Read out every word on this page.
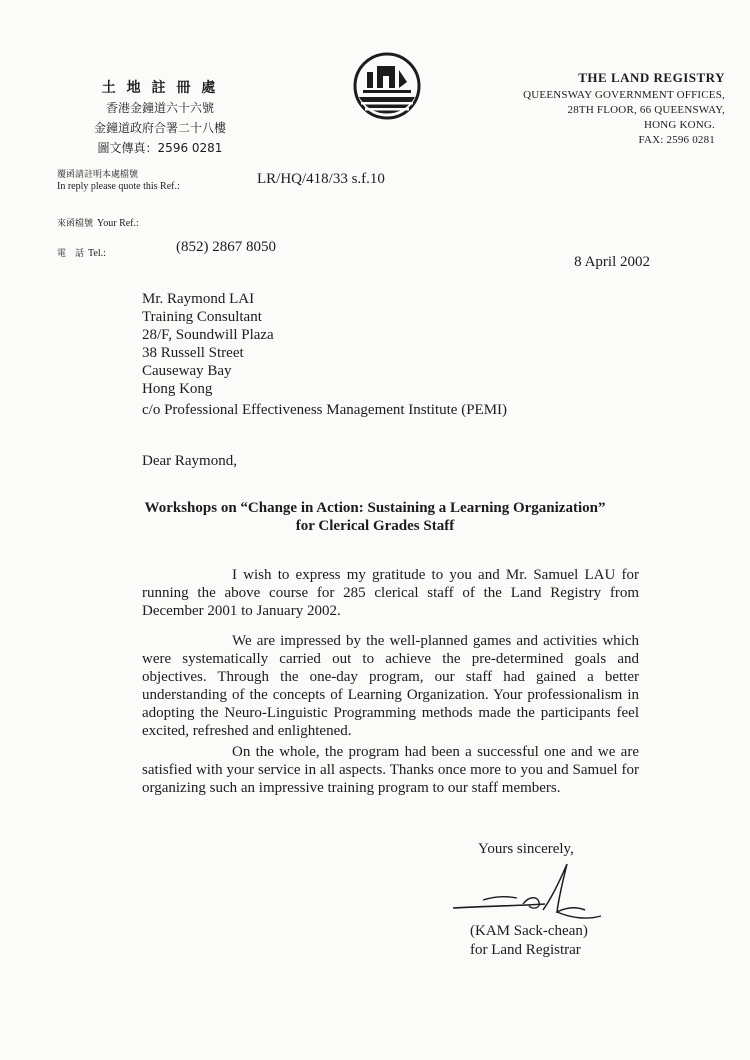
土 地 註 冊 處
香港金鐘道六十六號
金鐘道政府合署二十八樓
圖文傳真：2596 0281
THE LAND REGISTRY
QUEENSWAY GOVERNMENT OFFICES,
28TH FLOOR, 66 QUEENSWAY,
HONG KONG.
FAX: 2596 0281
覆函請註明本處檔號
In reply please quote this Ref.:	LR/HQ/418/33 s.f.10
來函檔號 Your Ref.:
電　話 Tel.:	(852) 2867 8050
8 April 2002
Mr. Raymond LAI
Training Consultant
28/F, Soundwill Plaza
38 Russell Street
Causeway Bay
Hong Kong
c/o Professional Effectiveness Management Institute (PEMI)
Dear Raymond,
Workshops on “Change in Action: Sustaining a Learning Organization”
for Clerical Grades Staff
I wish to express my gratitude to you and Mr. Samuel LAU for running the above course for 285 clerical staff of the Land Registry from December 2001 to January 2002.
We are impressed by the well-planned games and activities which were systematically carried out to achieve the pre-determined goals and objectives. Through the one-day program, our staff had gained a better understanding of the concepts of Learning Organization. Your professionalism in adopting the Neuro-Linguistic Programming methods made the participants feel excited, refreshed and enlightened.
On the whole, the program had been a successful one and we are satisfied with your service in all aspects. Thanks once more to you and Samuel for organizing such an impressive training program to our staff members.
Yours sincerely,
(KAM Sack-chean)
for Land Registrar
